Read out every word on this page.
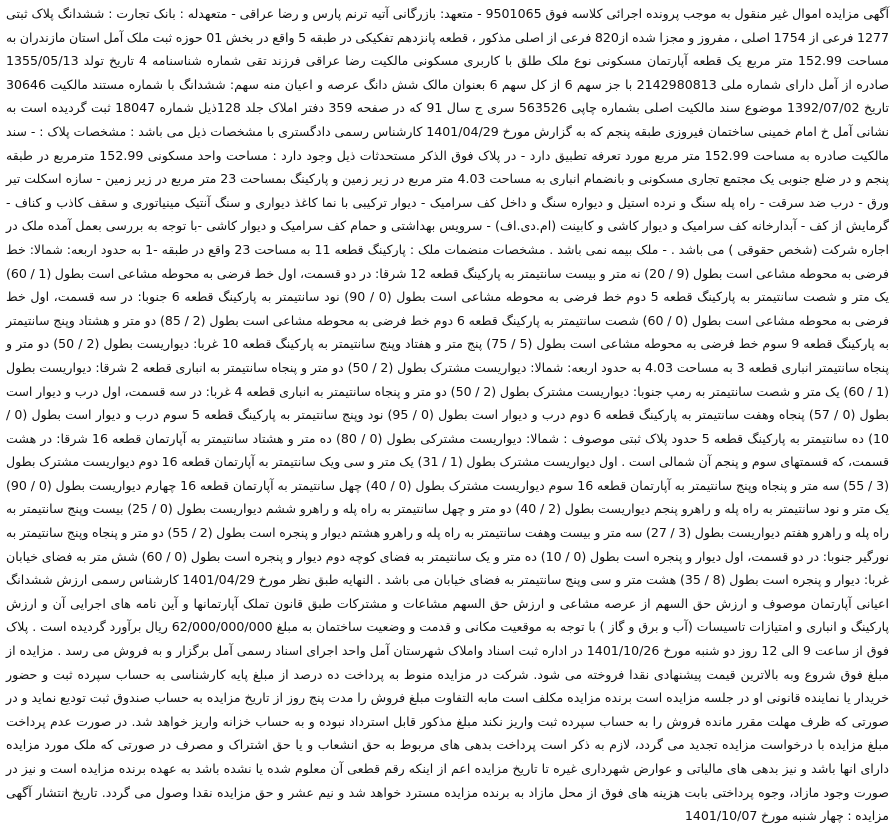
آگهی مزایده اموال غیر منقول به موجب پرونده اجرائی کلاسه فوق 9501065 - متعهد: بازرگانی آتیه ترنم پارس و رضا عراقی - متعهدله : بانک تجارت : ششدانگ پلاک ثبتی 1277 فرعی از 1754 اصلی ، مفروز و مجزا شده از820 فرعی از اصلی مذکور ، قطعه پانزدهم تفکیکی در طبقه 5 واقع در بخش 01 حوزه ثبت ملک آمل استان مازندران به مساحت 152.99 متر مربع یک قطعه آپارتمان مسکونی نوع ملک طلق با کاربری مسکونی مالکیت رضا عراقی فرزند تقی شماره شناسنامه 4 تاریخ تولد 1355/05/13 صادره از آمل دارای شماره ملی 2142980813 با جز سهم 6 از کل سهم 6 بعنوان مالک شش دانگ عرصه و اعیان منه سهم: ششدانگ با شماره مستند مالکیت 30646 تاریخ 1392/07/02 موضوع سند مالکیت اصلی بشماره چاپی 563526 سری ج سال 91 که در صفحه 359 دفتر املاک جلد 128ذیل شماره 18047 ثبت گردیده است به نشانی آمل خ امام خمینی ساختمان فیروزی طبقه پنجم که به گزارش مورخ 1401/04/29 کارشناس رسمی دادگستری با مشخصات ذیل می باشد : مشخصات پلاک : - سند مالکیت صادره به مساحت 152.99 متر مربع مورد تعرفه تطبیق دارد - در پلاک فوق الذکر مستحدثات ذیل وجود دارد : مساحت واحد مسکونی 152.99 مترمربع در طبقه پنجم و در ضلع جنوبی یک مجتمع تجاری مسکونی و بانضمام انباری به مساحت 4.03 متر مربع در زیر زمین و پارکینگ بمساحت 23 متر مربع در زیر زمین - سازه اسکلت تیر ورق - درب ضد سرقت - راه پله سنگ و نرده استیل و دیواره سنگ و داخل کف سرامیک - دیوار ترکیبی با نما کاغذ دیواری و سنگ آنتیک مینیاتوری و سقف کاذب و کناف - گرمایش از کف - آبدارخانه کف سرامیک و دیوار کاشی و کابینت (ام.دی.اف) - سرویس بهداشتی و حمام کف سرامیک و دیوار کاشی -با توجه به بررسی بعمل آمده ملک در اجاره شرکت (شخص حقوقی ) می باشد . - ملک بیمه نمی باشد . مشخصات منضمات ملک : پارکینگ قطعه 11 به مساحت 23 واقع در طبقه -1 به حدود اربعه: شمالا: خط فرضی به محوطه مشاعی است بطول (9 / 20) نه متر و بیست سانتیمتر به پارکینگ قطعه 12 شرقا: در دو قسمت، اول خط فرضی به محوطه مشاعی است بطول (1 / 60) یک متر و شصت سانتیمتر به پارکینگ قطعه 5 دوم خط فرضی به محوطه مشاعی است بطول (0 / 90) نود سانتیمتر به پارکینگ قطعه 6 جنوبا: در سه قسمت، اول خط فرضی به محوطه مشاعی است بطول (0 / 60) شصت سانتیمتر به پارکینگ قطعه 6 دوم خط فرضی به محوطه مشاعی است بطول (2 / 85) دو متر و هشتاد وپنج سانتیمتر به پارکینگ قطعه 9 سوم خط فرضی به محوطه مشاعی است بطول (5 / 75) پنج متر و هفتاد وپنج سانتیمتر به پارکینگ قطعه 10 غربا: دیواریست بطول (2 / 50) دو متر و پنجاه سانتیمتر انباری قطعه 3 به مساحت 4.03 به حدود اربعه: شمالا: دیواریست مشترک بطول (2 / 50) دو متر و پنجاه سانتیمتر به انباری قطعه 2 شرقا: دیواریست بطول (1 / 60) یک متر و شصت سانتیمتر به رمپ جنوبا: دیواریست مشترک بطول (2 / 50) دو متر و پنجاه سانتیمتر به انباری قطعه 4 غربا: در سه قسمت، اول درب و دیوار است بطول (0 / 57) پنجاه وهفت سانتیمتر به پارکینگ قطعه 6 دوم درب و دیوار است بطول (0 / 95) نود وپنج سانتیمتر به پارکینگ قطعه 5 سوم درب و دیوار است بطول (0 / 10) ده سانتیمتر به پارکینگ قطعه 5 حدود پلاک ثبتی موصوف : شمالا: دیواریست مشترکی بطول (0 / 80) ده متر و هشتاد سانتیمتر به آپارتمان قطعه 16 شرقا: در هشت قسمت، که قسمتهای سوم و پنجم آن شمالی است . اول دیواریست مشترک بطول (1 / 31) یک متر و سی ویک سانتیمتر به آپارتمان قطعه 16 دوم دیواریست مشترک بطول (3 / 55) سه متر و پنجاه وپنج سانتیمتر به آپارتمان قطعه 16 سوم دیواریست مشترک بطول (0 / 40) چهل سانتیمتر به آپارتمان قطعه 16 چهارم دیواریست بطول (0 / 90) یک متر و نود سانتیمتر به راه پله و راهرو پنجم دیواریست بطول (2 / 40) دو متر و چهل سانتیمتر به راه پله و راهرو ششم دیواریست بطول (0 / 25) بیست وپنج سانتیمتر به راه پله و راهرو هفتم دیواریست بطول (3 / 27) سه متر و بیست وهفت سانتیمتر به راه پله و راهرو هشتم دیوار و پنجره است بطول (2 / 55) دو متر و پنجاه وپنج سانتیمتر به نورگیر جنوبا: در دو قسمت، اول دیوار و پنجره است بطول (0 / 10) ده متر و یک سانتیمتر به فضای کوچه دوم دیوار و پنجره است بطول (0 / 60) شش متر به فضای خیابان غربا: دیوار و پنجره است بطول (8 / 35) هشت متر و سی وپنج سانتیمتر به فضای خیابان می باشد . النهایه طبق نظر مورخ 1401/04/29 کارشناس رسمی ارزش ششدانگ اعیانی آپارتمان موصوف و ارزش حق السهم از عرصه مشاعی و ارزش حق السهم مشاعات و مشترکات طبق قانون تملک آپارتمانها و آین نامه های اجرایی آن و ارزش پارکینگ و انباری و امتیازات تاسیسات (آب و برق و گاز ) با توجه به موقعیت مکانی و قدمت و وضعیت ساختمان به مبلغ 62/000/000/000 ریال برآورد گردیده است . پلاک فوق از ساعت 9 الی 12 روز دو شنبه مورخ 1401/10/26 در اداره ثبت اسناد واملاک شهرستان آمل واحد اجرای اسناد رسمی آمل برگزار و به فروش می رسد . مزایده از مبلغ فوق شروع وبه بالاترین قیمت پیشنهادی نقدا فروخته می شود. شرکت در مزایده منوط به پرداخت ده درصد از مبلغ پایه کارشناسی به حساب سپرده ثبت و حضور خریدار یا نماینده قانونی او در جلسه مزایده است برنده مزایده مکلف است مابه التفاوت مبلغ فروش را مدت پنج روز از تاریخ مزایده به حساب صندوق ثبت تودیع نماید و در صورتی که ظرف مهلت مقرر مانده فروش را به حساب سپرده ثبت واریز نکند مبلغ مذکور قابل استرداد نبوده و به حساب خزانه واریز خواهد شد. در صورت عدم پرداخت مبلغ مزایده با درخواست مزایده تجدید می گردد، لازم به ذکر است پرداخت بدهی های مربوط به حق انشعاب و یا حق اشتراک و مصرف در صورتی که ملک مورد مزایده دارای انها باشد و نیز بدهی های مالیاتی و عوارض شهرداری غیره تا تاریخ مزایده اعم از اینکه رقم قطعی آن معلوم شده یا نشده باشد به عهده برنده مزایده است و نیز در صورت وجود مازاد، وجوه پرداختی بابت هزینه های فوق از محل مازاد به برنده مزایده مسترد خواهد شد و نیم عشر و حق مزایده نقدا وصول می گردد. تاریخ انتشار آگهی مزایده : چهار شنبه مورخ 1401/10/07
